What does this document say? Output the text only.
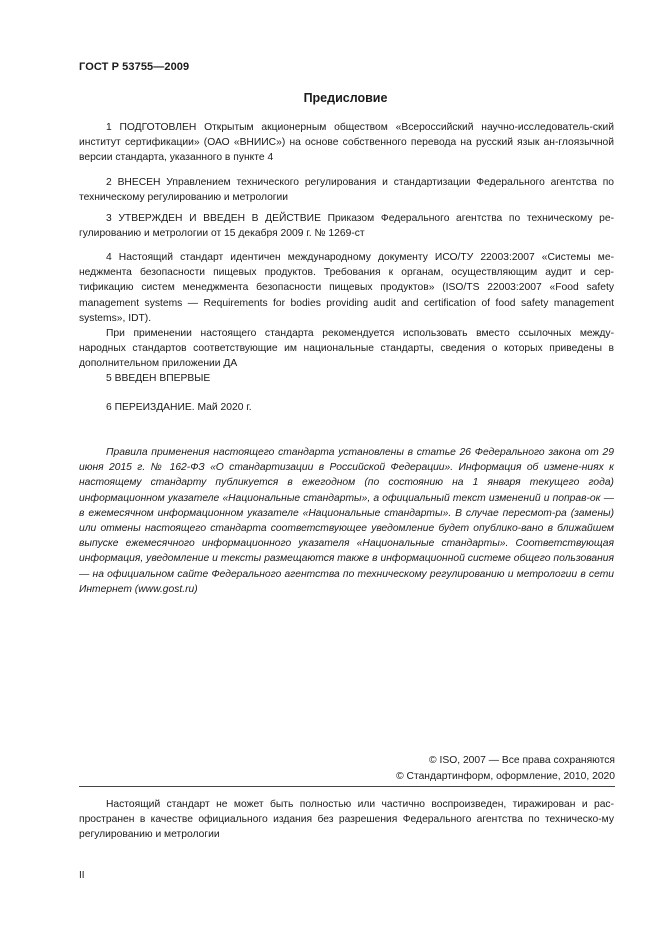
ГОСТ Р 53755—2009
Предисловие

1 ПОДГОТОВЛЕН Открытым акционерным обществом «Всероссийский научно-исследователь-ский институт сертификации» (ОАО «ВНИИС») на основе собственного перевода на русский язык ан-глоязычной версии стандарта, указанного в пункте 4

2 ВНЕСЕН Управлением технического регулирования и стандартизации Федерального агентства по техническому регулированию и метрологии

3 УТВЕРЖДЕН И ВВЕДЕН В ДЕЙСТВИЕ Приказом Федерального агентства по техническому ре-гулированию и метрологии от 15 декабря 2009 г. № 1269-ст

4 Настоящий стандарт идентичен международному документу ИСО/ТУ 22003:2007 «Системы ме-неджмента безопасности пищевых продуктов. Требования к органам, осуществляющим аудит и сер-тификацию систем менеджмента безопасности пищевых продуктов» (ISO/TS 22003:2007 «Food safety management systems — Requirements for bodies providing audit and certification of food safety management systems», IDT).

При применении настоящего стандарта рекомендуется использовать вместо ссылочных между-народных стандартов соответствующие им национальные стандарты, сведения о которых приведены в дополнительном приложении ДА

5 ВВЕДЕН ВПЕРВЫЕ

6 ПЕРЕИЗДАНИЕ. Май 2020 г.

Правила применения настоящего стандарта установлены в статье 26 Федерального закона от 29 июня 2015 г. № 162-ФЗ «О стандартизации в Российской Федерации». Информация об измене-ниях к настоящему стандарту публикуется в ежегодном (по состоянию на 1 января текущего года) информационном указателе «Национальные стандарты», а официальный текст изменений и поправ-ок — в ежемесячном информационном указателе «Национальные стандарты». В случае пересмот-ра (замены) или отмены настоящего стандарта соответствующее уведомление будет опублико-вано в ближайшем выпуске ежемесячного информационного указателя «Национальные стандарты». Соответствующая информация, уведомление и тексты размещаются также в информационной системе общего пользования — на официальном сайте Федерального агентства по техническому регулированию и метрологии в сети Интернет (www.gost.ru)

© ISO, 2007 — Все права сохраняются
© Стандартинформ, оформление, 2010, 2020

Настоящий стандарт не может быть полностью или частично воспроизведен, тиражирован и рас-пространен в качестве официального издания без разрешения Федерального агентства по техническо-му регулированию и метрологии

II
